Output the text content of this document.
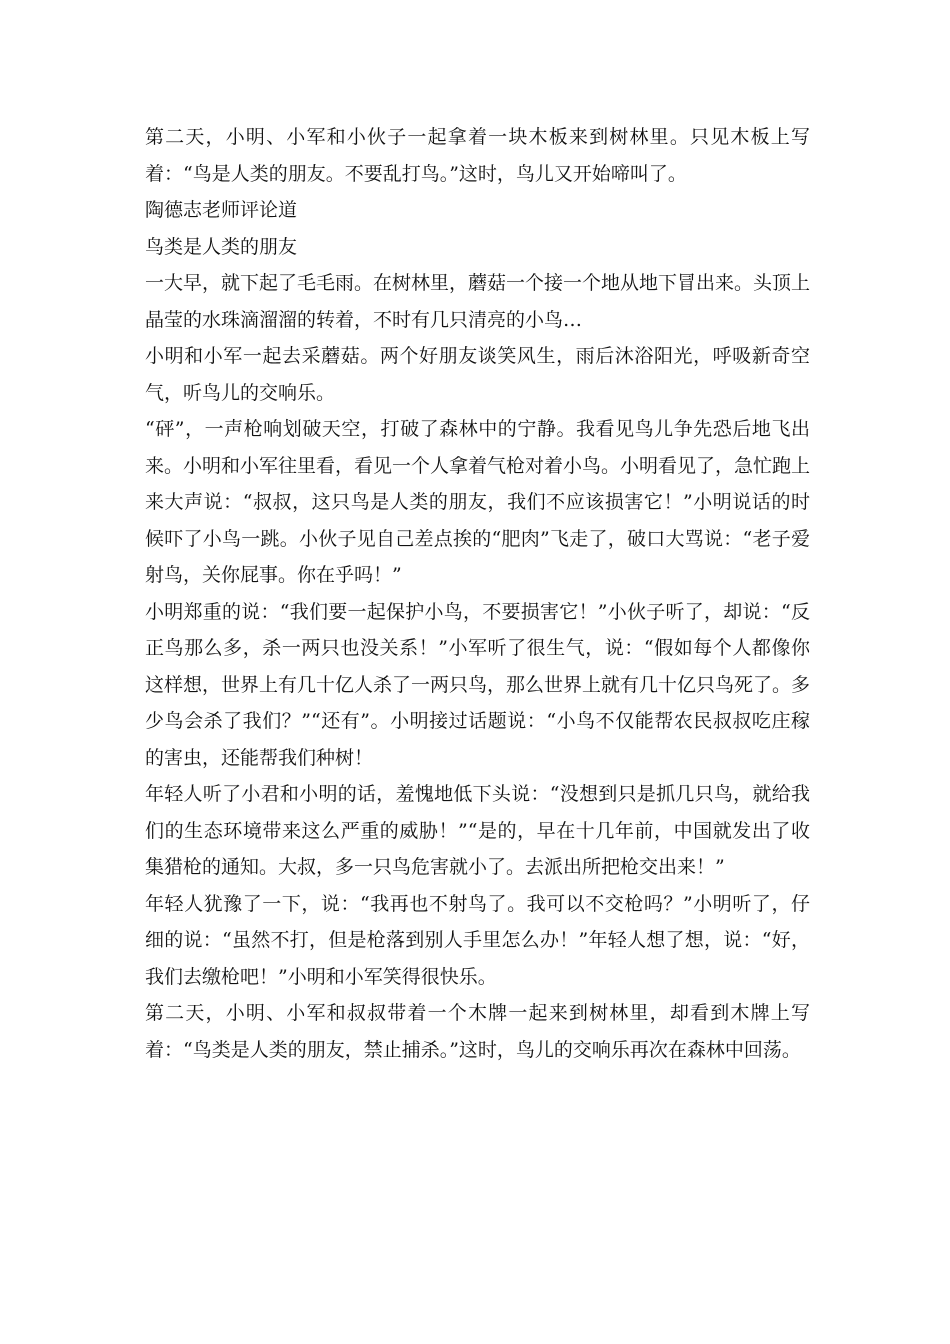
第二天，小明、小军和小伙子一起拿着一块木板来到树林里。只见木板上写着：“鸟是人类的朋友。不要乱打鸟。”这时，鸟儿又开始啼叫了。

陶德志老师评论道

鸟类是人类的朋友

一大早，就下起了毛毛雨。在树林里，蘑菇一个接一个地从地下冒出来。头顶上晶莹的水珠滴溜溜的转着，不时有几只清亮的小鸟…

小明和小军一起去采蘑菇。两个好朋友谈笑风生，雨后沐浴阳光，呼吸新奇空气，听鸟儿的交响乐。

“砰”，一声枪响划破天空，打破了森林中的宁静。我看见鸟儿争先恐后地飞出来。小明和小军往里看，看见一个人拿着气枪对着小鸟。小明看见了，急忙跑上来大声说：“叔叔，这只鸟是人类的朋友，我们不应该损害它！”小明说话的时候吓了小鸟一跳。小伙子见自己差点挨的“肥肉”飞走了，破口大骂说：“老子爱射鸟，关你屁事。你在乎吗！”

小明郑重的说：“我们要一起保护小鸟，不要损害它！”小伙子听了，却说：“反正鸟那么多，杀一两只也没关系！”小军听了很生气，说：“假如每个人都像你这样想，世界上有几十亿人杀了一两只鸟，那么世界上就有几十亿只鸟死了。多少鸟会杀了我们？”“还有”。小明接过话题说：“小鸟不仅能帮农民叔叔吃庄稼的害虫，还能帮我们种树！

年轻人听了小君和小明的话，羞愧地低下头说：“没想到只是抓几只鸟，就给我们的生态环境带来这么严重的威胁！”“是的，早在十几年前，中国就发出了收集猎枪的通知。大叔，多一只鸟危害就小了。去派出所把枪交出来！”

年轻人犹豫了一下，说：“我再也不射鸟了。我可以不交枪吗？”小明听了，仔细的说：“虽然不打，但是枪落到别人手里怎么办！”年轻人想了想，说：“好，我们去缴枪吧！”小明和小军笑得很快乐。

第二天，小明、小军和叔叔带着一个木牌一起来到树林里，却看到木牌上写着：“鸟类是人类的朋友，禁止捕杀。”这时，鸟儿的交响乐再次在森林中回荡。
